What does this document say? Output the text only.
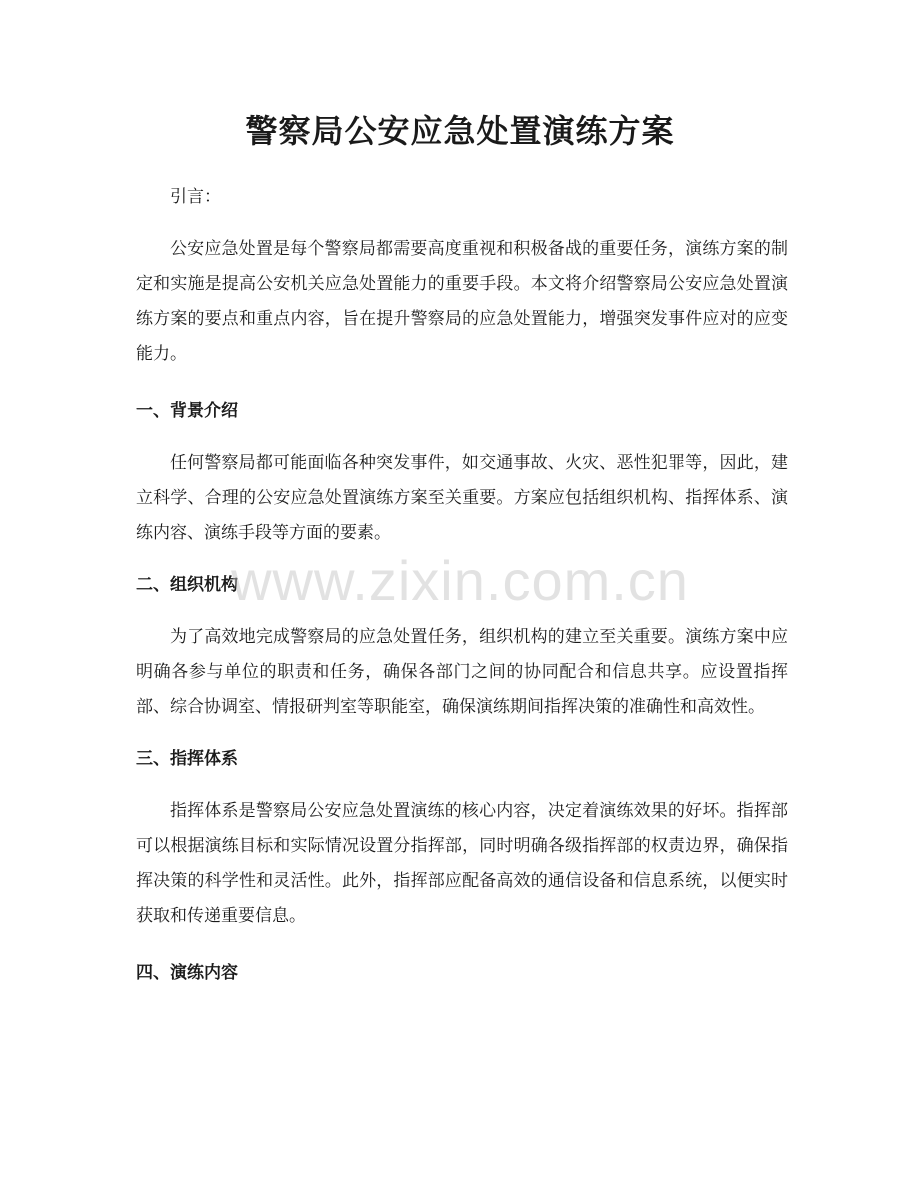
警察局公安应急处置演练方案

引言：

公安应急处置是每个警察局都需要高度重视和积极备战的重要任务，演练方案的制定和实施是提高公安机关应急处置能力的重要手段。本文将介绍警察局公安应急处置演练方案的要点和重点内容，旨在提升警察局的应急处置能力，增强突发事件应对的应变能力。

一、背景介绍

任何警察局都可能面临各种突发事件，如交通事故、火灾、恶性犯罪等，因此，建立科学、合理的公安应急处置演练方案至关重要。方案应包括组织机构、指挥体系、演练内容、演练手段等方面的要素。

二、组织机构

为了高效地完成警察局的应急处置任务，组织机构的建立至关重要。演练方案中应明确各参与单位的职责和任务，确保各部门之间的协同配合和信息共享。应设置指挥部、综合协调室、情报研判室等职能室，确保演练期间指挥决策的准确性和高效性。

三、指挥体系

指挥体系是警察局公安应急处置演练的核心内容，决定着演练效果的好坏。指挥部可以根据演练目标和实际情况设置分指挥部，同时明确各级指挥部的权责边界，确保指挥决策的科学性和灵活性。此外，指挥部应配备高效的通信设备和信息系统，以便实时获取和传递重要信息。

四、演练内容

www.zixin.com.cn
